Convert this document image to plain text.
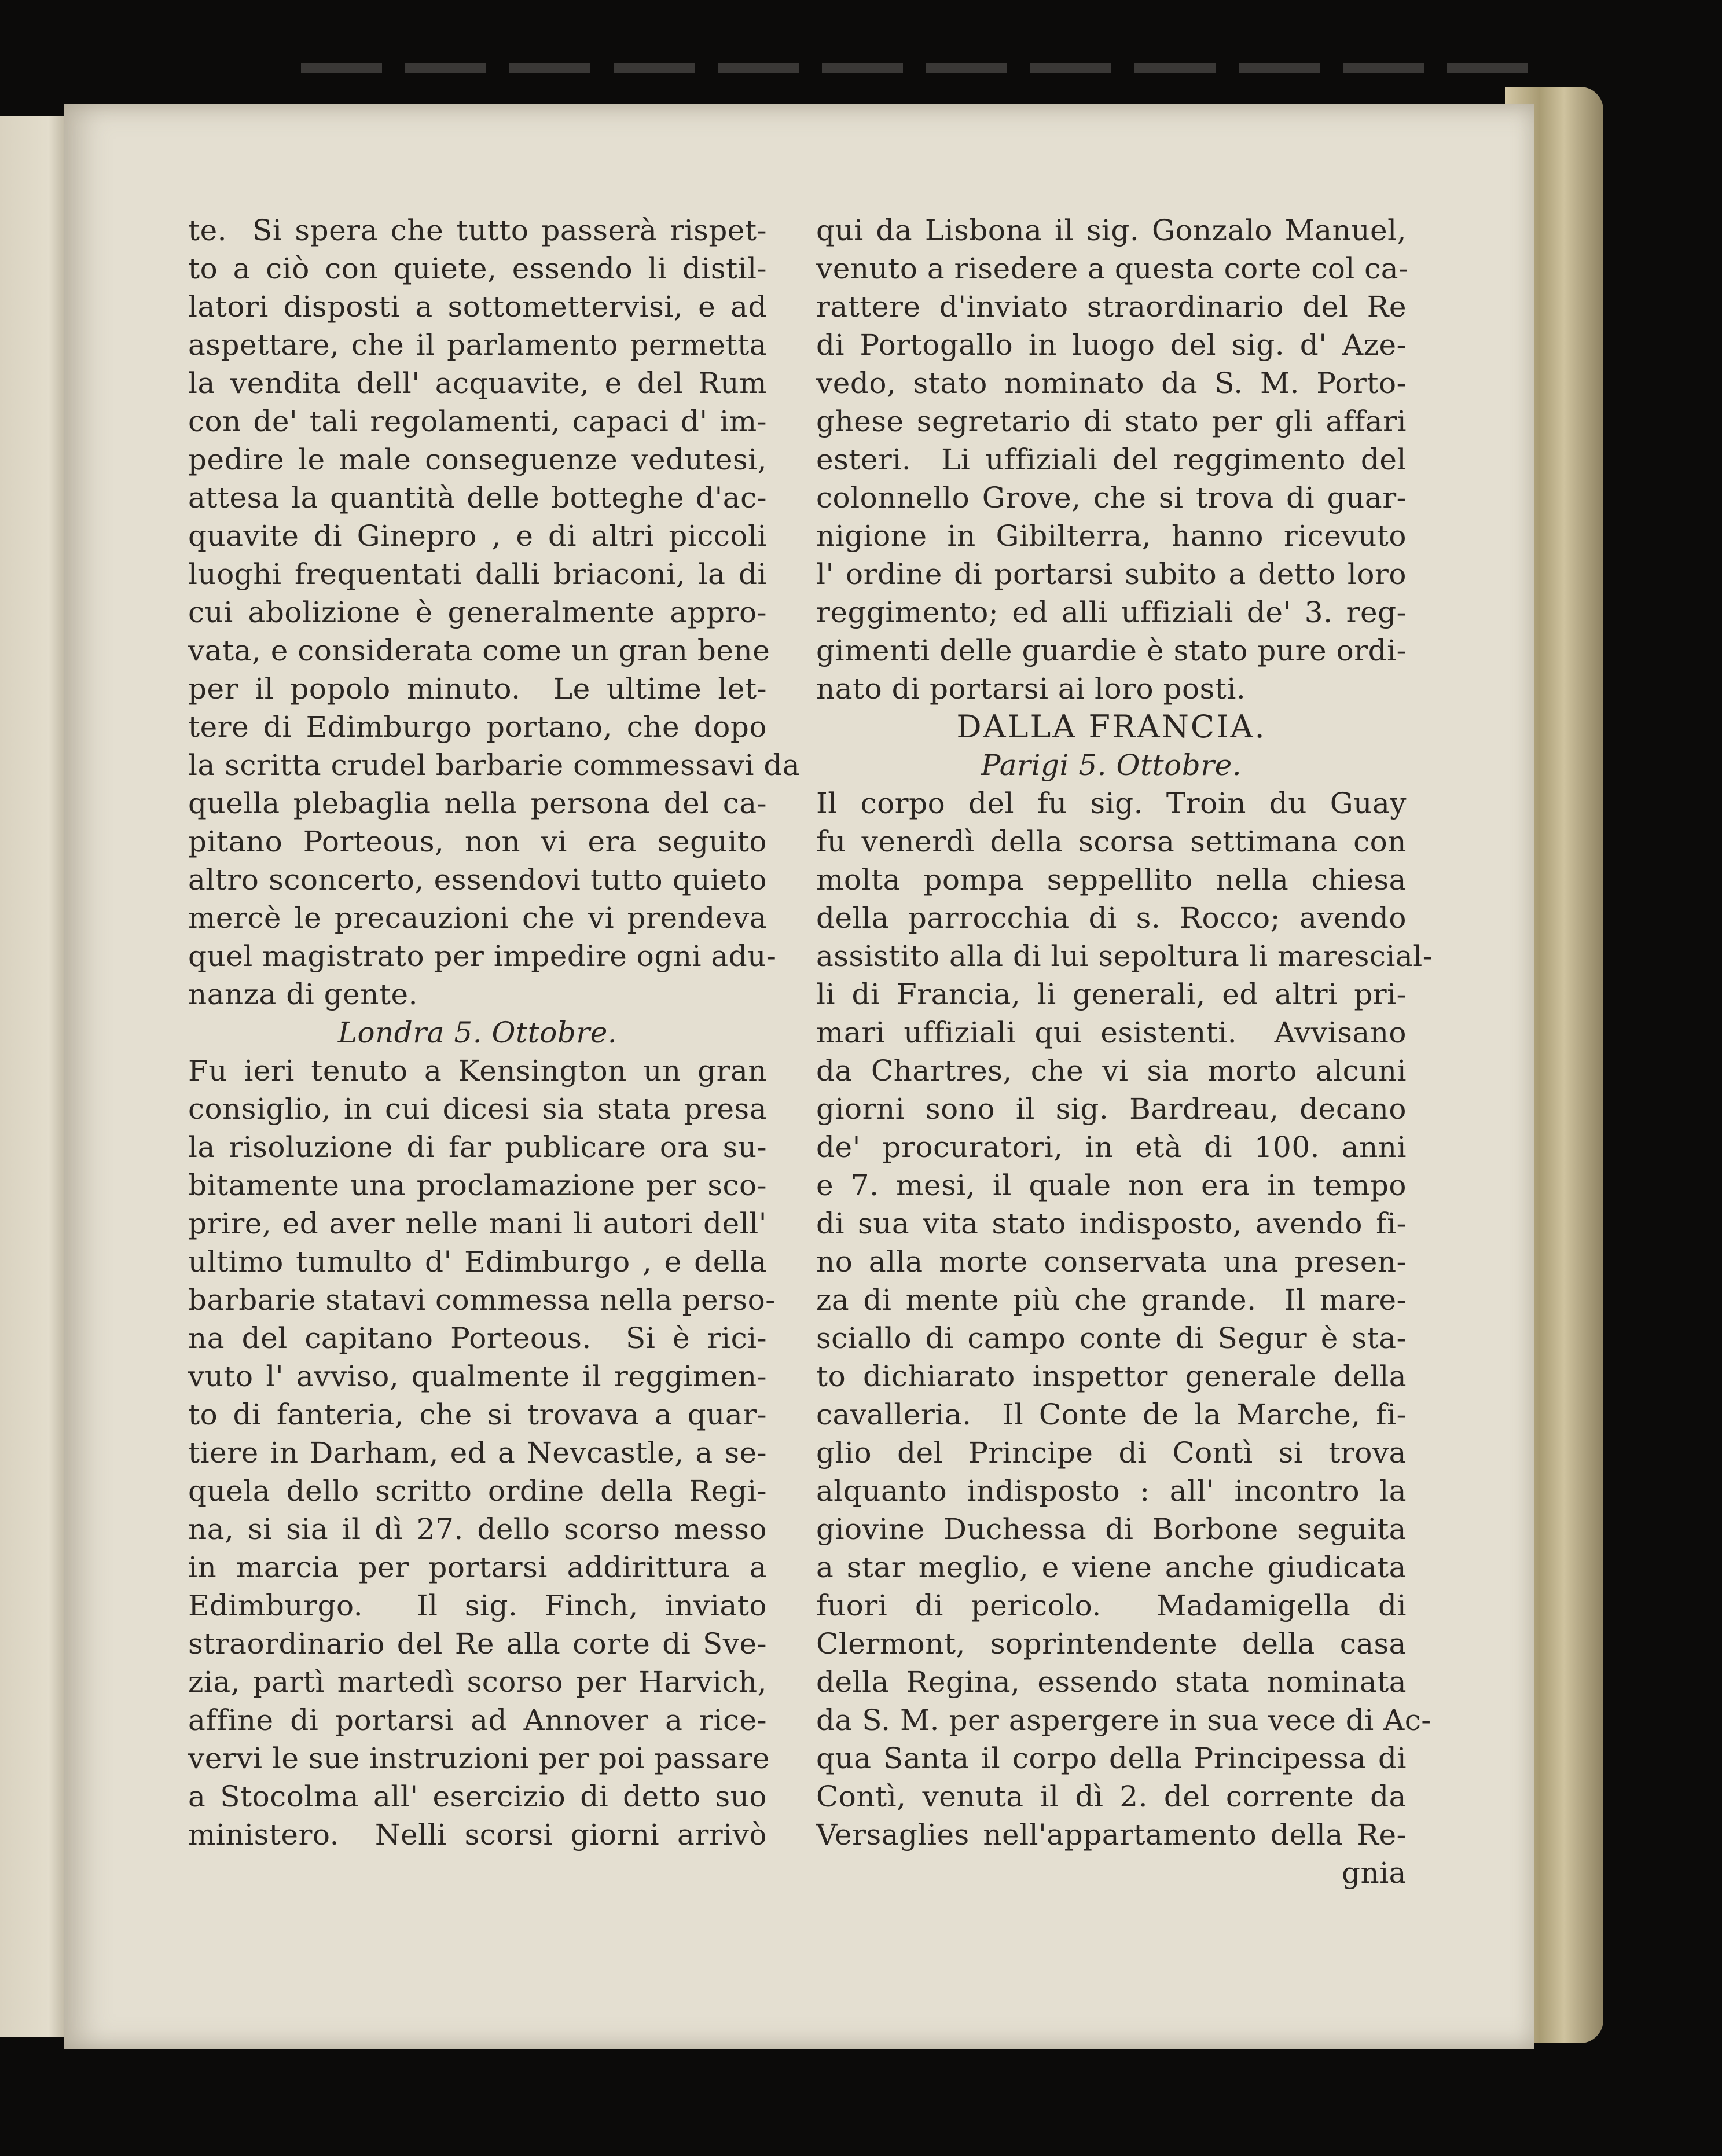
te.  Si spera che tutto passerà rispet-
to a ciò con quiete, essendo li distil-
latori disposti a sottomettervisi, e ad
aspettare, che il parlamento permetta
la vendita dell' acquavite, e del Rum
con de' tali regolamenti, capaci d' im-
pedire le male conseguenze vedutesi,
attesa la quantità delle botteghe d'ac-
quavite di Ginepro , e di altri piccoli
luoghi frequentati dalli briaconi, la di
cui abolizione è generalmente appro-
vata, e considerata come un gran bene
per il popolo minuto.  Le ultime let-
tere di Edimburgo portano, che dopo
la scritta crudel barbarie commessavi da
quella plebaglia nella persona del ca-
pitano Porteous, non vi era seguito
altro sconcerto, essendovi tutto quieto
mercè le precauzioni che vi prendeva
quel magistrato per impedire ogni adu-
nanza di gente.
Londra 5. Ottobre.
Fu ieri tenuto a Kensington un gran
consiglio, in cui dicesi sia stata presa
la risoluzione di far publicare ora su-
bitamente una proclamazione per sco-
prire, ed aver nelle mani li autori dell'
ultimo tumulto d' Edimburgo , e della
barbarie statavi commessa nella perso-
na del capitano Porteous.  Si è rici-
vuto l' avviso, qualmente il reggimen-
to di fanteria, che si trovava a quar-
tiere in Darham, ed a Nevcastle, a se-
quela dello scritto ordine della Regi-
na, si sia il dì 27. dello scorso messo
in marcia per portarsi addirittura a
Edimburgo.  Il sig. Finch, inviato
straordinario del Re alla corte di Sve-
zia, partì martedì scorso per Harvich,
affine di portarsi ad Annover a rice-
vervi le sue instruzioni per poi passare
a Stocolma all' esercizio di detto suo
ministero.  Nelli scorsi giorni arrivò
qui da Lisbona il sig. Gonzalo Manuel,
venuto a risedere a questa corte col ca-
rattere d'inviato straordinario del Re
di Portogallo in luogo del sig. d' Aze-
vedo, stato nominato da S. M. Porto-
ghese segretario di stato per gli affari
esteri.  Li uffiziali del reggimento del
colonnello Grove, che si trova di guar-
nigione in Gibilterra, hanno ricevuto
l' ordine di portarsi subito a detto loro
reggimento; ed alli uffiziali de' 3. reg-
gimenti delle guardie è stato pure ordi-
nato di portarsi ai loro posti.
DALLA FRANCIA.
Parigi 5. Ottobre.
Il corpo del fu sig. Troin du Guay
fu venerdì della scorsa settimana con
molta pompa seppellito nella chiesa
della parrocchia di s. Rocco; avendo
assistito alla di lui sepoltura li marescial-
li di Francia, li generali, ed altri pri-
mari uffiziali qui esistenti.  Avvisano
da Chartres, che vi sia morto alcuni
giorni sono il sig. Bardreau, decano
de' procuratori, in età di 100. anni
e 7. mesi, il quale non era in tempo
di sua vita stato indisposto, avendo fi-
no alla morte conservata una presen-
za di mente più che grande.  Il mare-
sciallo di campo conte di Segur è sta-
to dichiarato inspettor generale della
cavalleria.  Il Conte de la Marche, fi-
glio del Principe di Contì si trova
alquanto indisposto : all' incontro la
giovine Duchessa di Borbone seguita
a star meglio, e viene anche giudicata
fuori di pericolo.  Madamigella di
Clermont, soprintendente della casa
della Regina, essendo stata nominata
da S. M. per aspergere in sua vece di Ac-
qua Santa il corpo della Principessa di
Contì, venuta il dì 2. del corrente da
Versaglies nell'appartamento della Re-
gnia
